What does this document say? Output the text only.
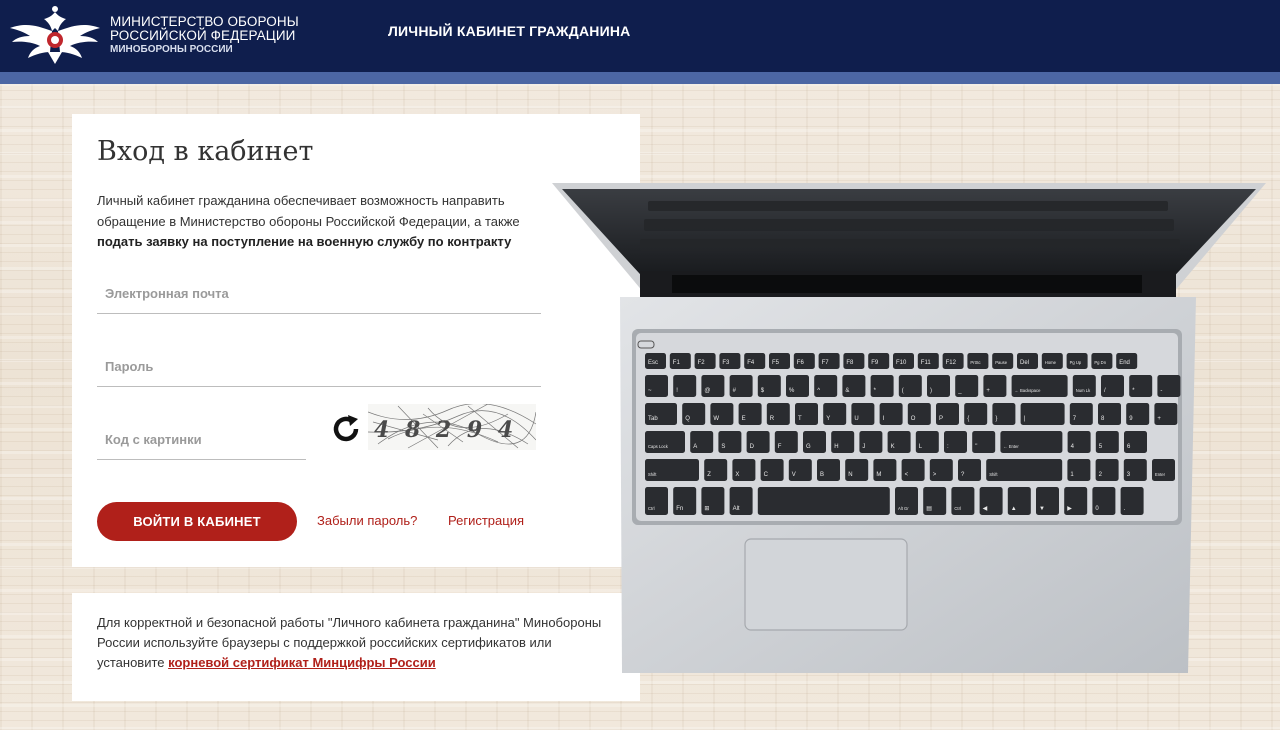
МИНИСТЕРСТВО ОБОРОНЫ
РОССИЙСКОЙ ФЕДЕРАЦИИ
МИНОБОРОНЫ РОССИИ
ЛИЧНЫЙ КАБИНЕТ ГРАЖДАНИНА
Вход в кабинет

Личный кабинет гражданина обеспечивает возможность направить обращение в Министерство обороны Российской Федерации, а также подать заявку на поступление на военную службу по контракту

Электронная почта
Код с картинки
4 8 2 9 4
ВОЙТИ В КАБИНЕТ	Забыли пароль? Регистрация

Для корректной и безопасной работы "Личного кабинета гражданина" Минобороны России используйте браузеры с поддержкой российских сертификатов или установите корневой сертификат Минцифры России

Esc F1	F2	F3	F4	F5	F6	F7	F8	F9	F10 F11 F12	PrtSc	Pause Del	Home	Pg Up	Pg Dn End
~	!	@	#	$	%	^	&	*	(	)	_	+	← Backspace	Num Lk /	*	-
Tab	Q	W	E	R	T	Y	U	I	O	P	{	}	|	7	8	9	+
Caps Lock	A	S	D	F	G	H	J	K	L	:	"	← Enter	4	5	6
Shift	Z	X	C	V	B	N	M	<	>	?	Shift	1	2	3	Enter
Ctrl	Fn	⊞	Alt	Alt Gr	▤	Ctrl	◀	▲	▼	▶	0	.
